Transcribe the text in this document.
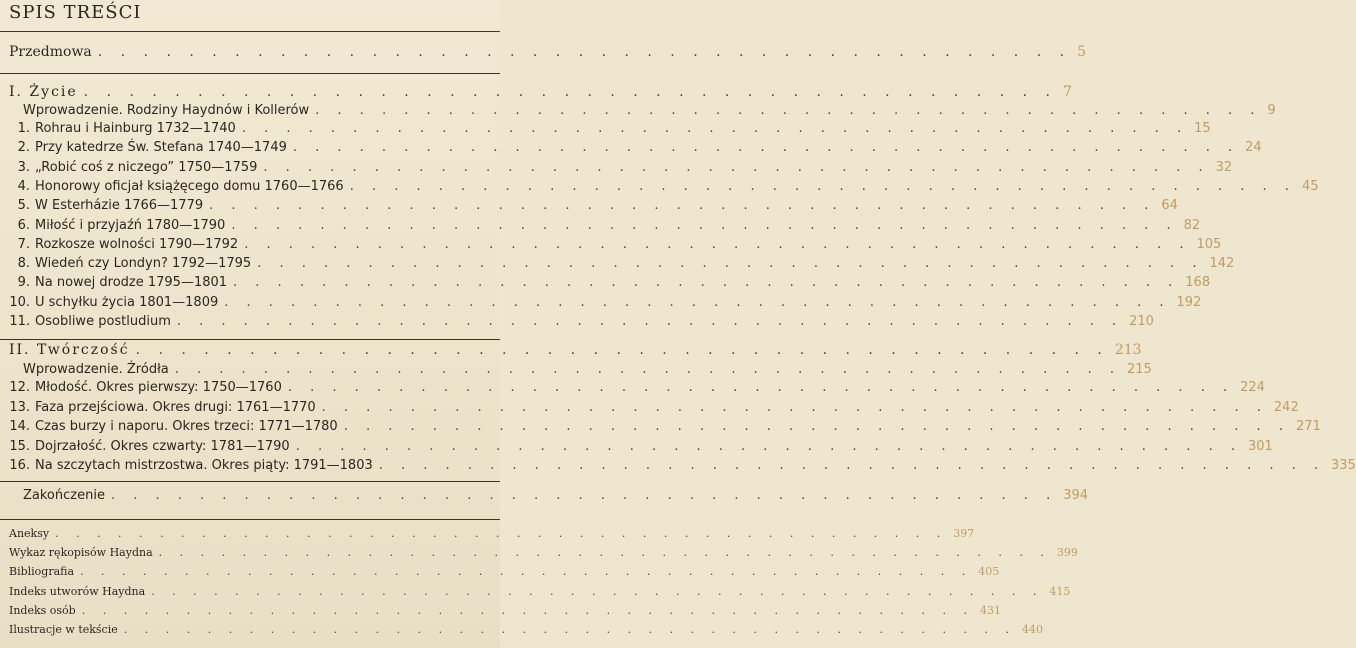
SPIS TREŚCI
Przedmowa . . . . . . . . . . . . . . . . . . . . . . . . . . . . . . . . . . . . . . . . . . . 5
I. Życie . . . . . . . . . . . . . . . . . . . . . . . . . . . . . . . . . . . . . . . . . . . 7
Wprowadzenie. Rodziny Haydnów i Kollerów . . . . . . . . . . . . . . . . . . . . . . . . . . . . . . . . . . . . . . . . . . . 9
1. Rohrau i Hainburg 1732—1740 . . . . . . . . . . . . . . . . . . . . . . . . . . . . . . . . . . . . . . . . . . . 15
2. Przy katedrze Św. Stefana 1740—1749 . . . . . . . . . . . . . . . . . . . . . . . . . . . . . . . . . . . . . . . . . . . 24
3. „Robić coś z niczego” 1750—1759 . . . . . . . . . . . . . . . . . . . . . . . . . . . . . . . . . . . . . . . . . . . 32
4. Honorowy oficjał książęcego domu 1760—1766 . . . . . . . . . . . . . . . . . . . . . . . . . . . . . . . . . . . . . . . . . . . 45
5. W Esterházie 1766—1779 . . . . . . . . . . . . . . . . . . . . . . . . . . . . . . . . . . . . . . . . . . . 64
6. Miłość i przyjaźń 1780—1790 . . . . . . . . . . . . . . . . . . . . . . . . . . . . . . . . . . . . . . . . . . . 82
7. Rozkosze wolności 1790—1792 . . . . . . . . . . . . . . . . . . . . . . . . . . . . . . . . . . . . . . . . . . . 105
8. Wiedeń czy Londyn? 1792—1795 . . . . . . . . . . . . . . . . . . . . . . . . . . . . . . . . . . . . . . . . . . . 142
9. Na nowej drodze 1795—1801 . . . . . . . . . . . . . . . . . . . . . . . . . . . . . . . . . . . . . . . . . . . 168
10. U schyłku życia 1801—1809 . . . . . . . . . . . . . . . . . . . . . . . . . . . . . . . . . . . . . . . . . . . 192
11. Osobliwe postludium . . . . . . . . . . . . . . . . . . . . . . . . . . . . . . . . . . . . . . . . . . . 210
II. Twórczość . . . . . . . . . . . . . . . . . . . . . . . . . . . . . . . . . . . . . . . . . . . 213
Wprowadzenie. Źródła . . . . . . . . . . . . . . . . . . . . . . . . . . . . . . . . . . . . . . . . . . . 215
12. Młodość. Okres pierwszy: 1750—1760 . . . . . . . . . . . . . . . . . . . . . . . . . . . . . . . . . . . . . . . . . . . 224
13. Faza przejściowa. Okres drugi: 1761—1770 . . . . . . . . . . . . . . . . . . . . . . . . . . . . . . . . . . . . . . . . . . . 242
14. Czas burzy i naporu. Okres trzeci: 1771—1780 . . . . . . . . . . . . . . . . . . . . . . . . . . . . . . . . . . . . . . . . . . . 271
15. Dojrzałość. Okres czwarty: 1781—1790 . . . . . . . . . . . . . . . . . . . . . . . . . . . . . . . . . . . . . . . . . . . 301
16. Na szczytach mistrzostwa. Okres piąty: 1791—1803 . . . . . . . . . . . . . . . . . . . . . . . . . . . . . . . . . . . . . . . . . . . 335
Zakończenie . . . . . . . . . . . . . . . . . . . . . . . . . . . . . . . . . . . . . . . . . . . 394
Aneksy . . . . . . . . . . . . . . . . . . . . . . . . . . . . . . . . . . . . . . . . . . . 397
Wykaz rękopisów Haydna . . . . . . . . . . . . . . . . . . . . . . . . . . . . . . . . . . . . . . . . . . . 399
Bibliografia . . . . . . . . . . . . . . . . . . . . . . . . . . . . . . . . . . . . . . . . . . . 405
Indeks utworów Haydna . . . . . . . . . . . . . . . . . . . . . . . . . . . . . . . . . . . . . . . . . . . 415
Indeks osób . . . . . . . . . . . . . . . . . . . . . . . . . . . . . . . . . . . . . . . . . . . 431
Ilustracje w tekście . . . . . . . . . . . . . . . . . . . . . . . . . . . . . . . . . . . . . . . . . . . 440
